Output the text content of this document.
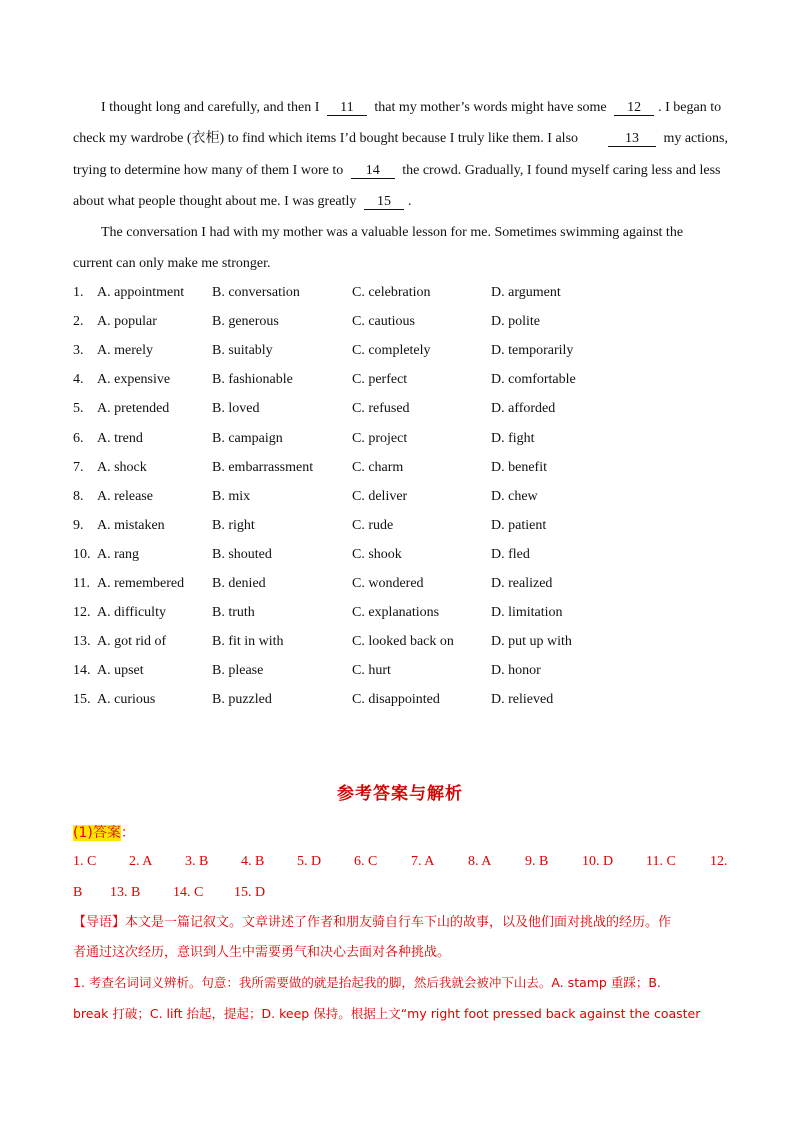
I thought long and carefully, and then I 11 that my mother’s words might have some 12 . I began to
check my wardrobe (衣柜) to find which items I’d bought because I truly like them. I also	13 my actions,
trying to determine how many of them I wore to 14 the crowd. Gradually, I found myself caring less and less
about what people thought about me. I was greatly 15 .
The conversation I had with my mother was a valuable lesson for me. Sometimes swimming against the
current can only make me stronger.
1. A. appointment B. conversation	C. celebration	D. argument
2. A. popular	B. generous	C. cautious	D. polite
3. A. merely	B. suitably	C. completely	D. temporarily
4. A. expensive	B. fashionable	C. perfect	D. comfortable
5. A. pretended	B. loved	C. refused	D. afforded
6. A. trend	B. campaign	C. project	D. fight
7. A. shock	B. embarrassment	C. charm	D. benefit
8. A. release	B. mix	C. deliver	D. chew
9. A. mistaken	B. right	C. rude	D. patient
10. A. rang	B. shouted	C. shook	D. fled
11. A. remembered B. denied	C. wondered	D. realized
12. A. difficulty	B. truth	C. explanations	D. limitation
13. A. got rid of	B. fit in with	C. looked back on	D. put up with
14. A. upset	B. please	C. hurt	D. honor
15. A. curious	B. puzzled	C. disappointed	D. relieved
参考答案与解析
(1)答案：
1. C 2. A 3. B 4. B 5. D 6. C 7. A 8. A 9. B 10. D 11. C 12.
B 13. B 14. C 15. D
【导语】本文是一篇记叙文。文章讲述了作者和朋友骑自行车下山的故事，以及他们面对挑战的经历。作
者通过这次经历，意识到人生中需要勇气和决心去面对各种挑战。
1. 考查名词词义辨析。句意：我所需要做的就是抬起我的脚，然后我就会被冲下山去。A. stamp 重踩；B.
break 打破；C. lift 抬起，提起；D. keep 保持。根据上文“my right foot pressed back against the coaster
